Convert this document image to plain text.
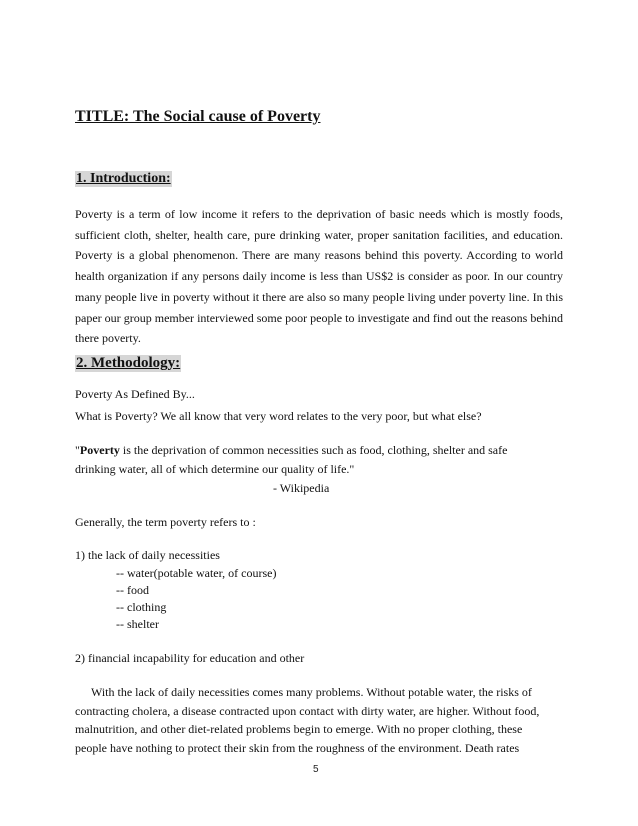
TITLE: The Social cause of Poverty
1. Introduction:
Poverty is a term of low income it refers to the deprivation of basic needs which is mostly foods, sufficient cloth, shelter, health care, pure drinking water, proper sanitation facilities, and education. Poverty is a global phenomenon. There are many reasons behind this poverty. According to world health organization if any persons daily income is less than US$2 is consider as poor. In our country many people live in poverty without it there are also so many people living under poverty line. In this paper our group member interviewed some poor people to investigate and find out the reasons behind there poverty.
2. Methodology:
Poverty As Defined By...
What is Poverty? We all know that very word relates to the very poor, but what else?
"Poverty is the deprivation of common necessities such as food, clothing, shelter and safe
drinking water, all of which determine our quality of life."
- Wikipedia
Generally, the term poverty refers to :
1) the lack of daily necessities
-- water(potable water, of course)
-- food
-- clothing
-- shelter
2) financial incapability for education and other
With the lack of daily necessities comes many problems. Without potable water, the risks of
contracting cholera, a disease contracted upon contact with dirty water, are higher. Without food,
malnutrition, and other diet-related problems begin to emerge. With no proper clothing, these
people have nothing to protect their skin from the roughness of the environment. Death rates
5
